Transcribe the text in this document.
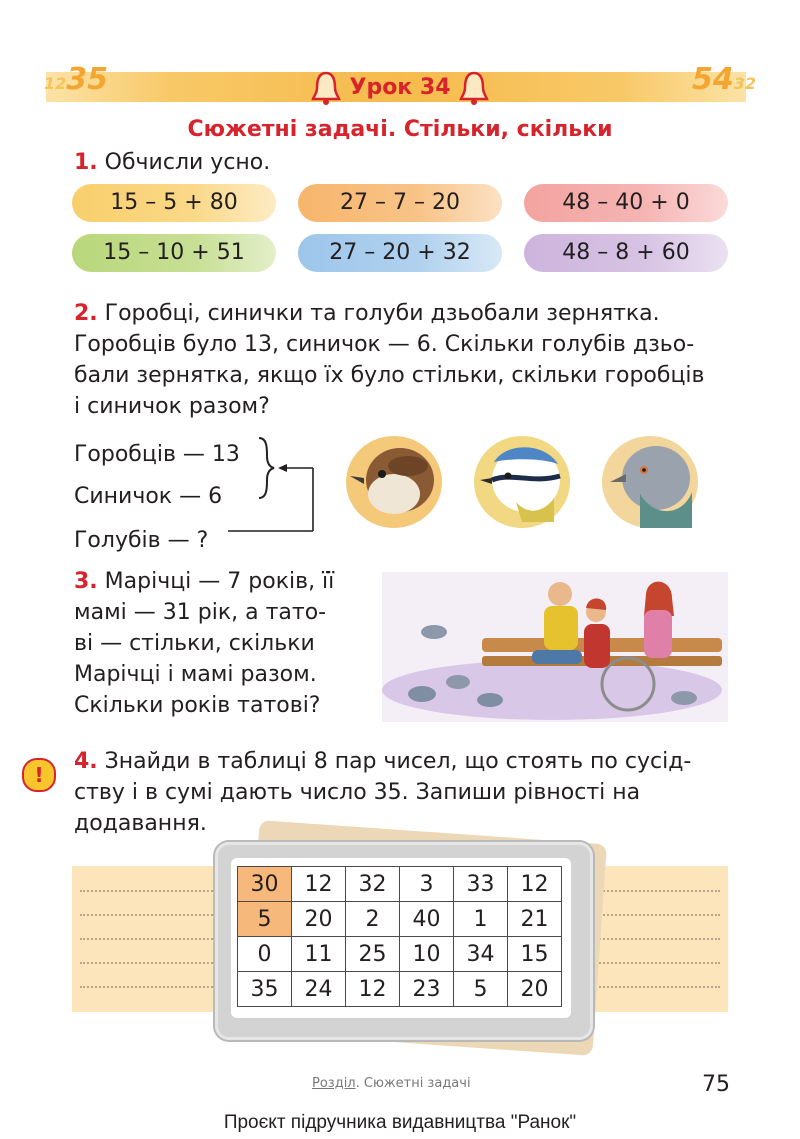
1235	5432
Урок 34
Сюжетні задачі. Стільки, скільки
1. Обчисли усно.
15 – 5 + 80	27 – 7 – 20	48 – 40 + 0
15 – 10 + 51	27 – 20 + 32	48 – 8 + 60
2. Горобці, синички та голуби дзьобали зернятка.
Горобців було 13, синичок — 6. Скільки голубів дзьо-
бали зернятка, якщо їх було стільки, скільки горобців
і синичок разом?
Горобців — 13
Синичок — 6
Голубів — ?
3. Марічці — 7 років, її
мамі — 31 рік, а тато-
ві — стільки, скільки
Марічці і мамі разом.
Скільки років татові?
!
4. Знайди в таблиці 8 пар чисел, що стоять по сусід-
ству і в сумі дають число 35. Запиши рівності на
додавання.
30	12	32	3	33	12
5	20	2	40	1	21
0	11	25	10	34	15
35	24	12	23	5	20
Розділ. Сюжетні задачі	75
Проєкт підручника видавництва "Ранок"
